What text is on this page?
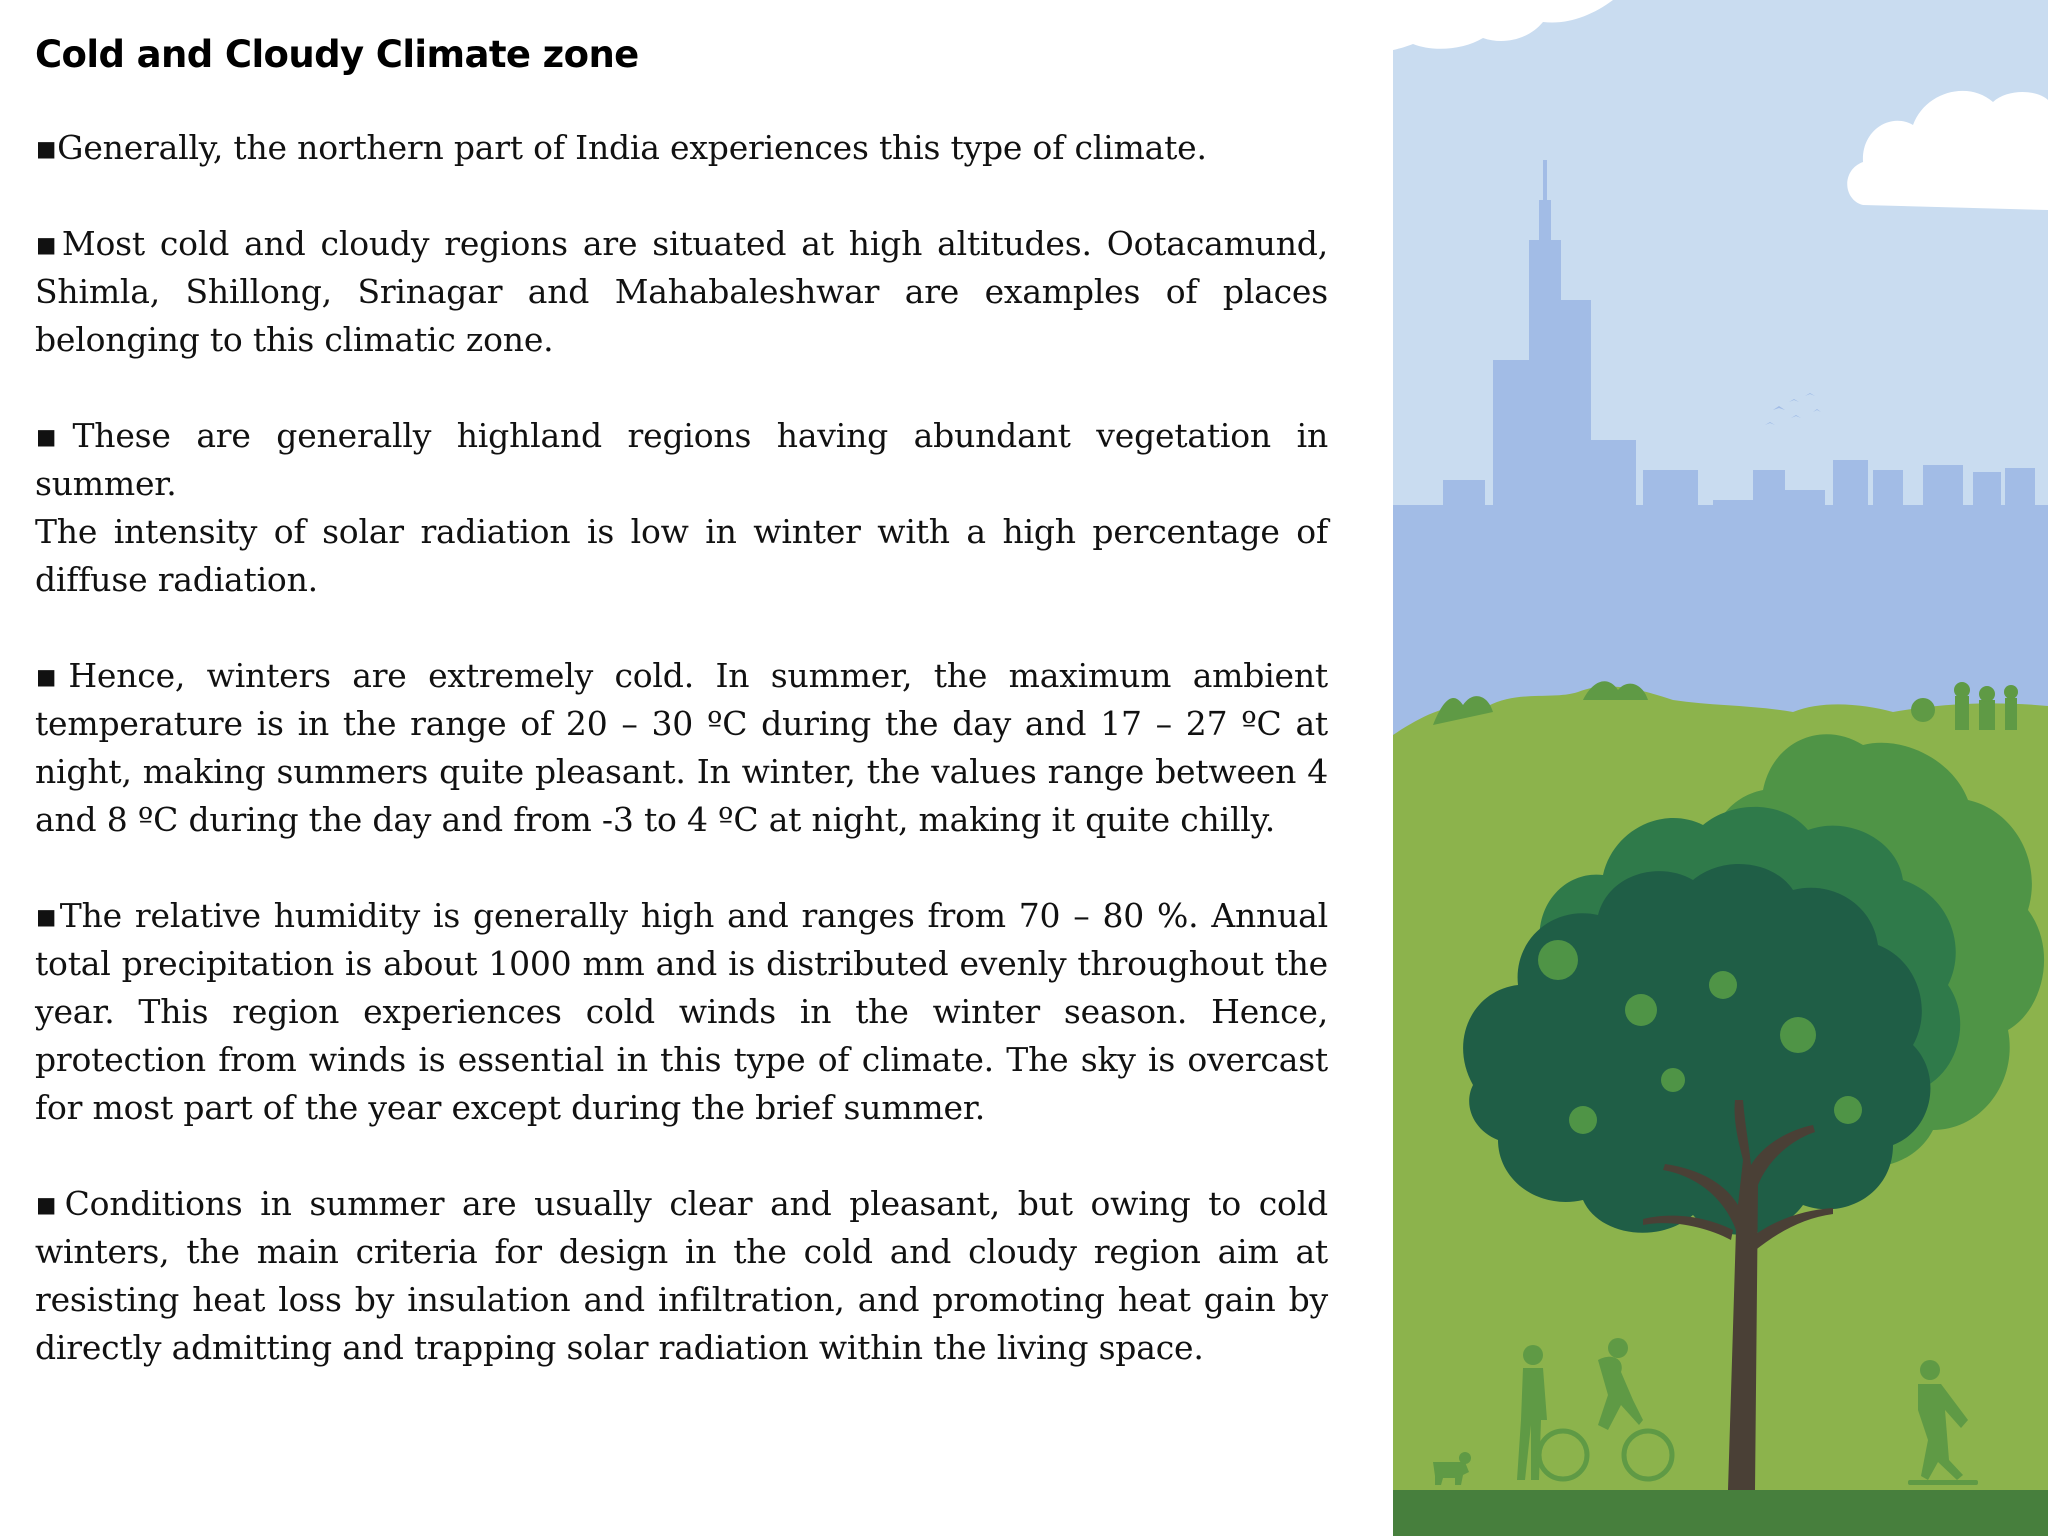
Cold and Cloudy Climate zone

▪Generally, the northern part of India experiences this type of climate.

▪Most cold and cloudy regions are situated at high altitudes. Ootacamund, Shimla, Shillong, Srinagar and Mahabaleshwar are examples of places belonging to this climatic zone.

▪These are generally highland regions having abundant vegetation in summer.
The intensity of solar radiation is low in winter with a high percentage of diffuse radiation.

▪Hence, winters are extremely cold. In summer, the maximum ambient temperature is in the range of 20 – 30 ºC during the day and 17 – 27 ºC at night, making summers quite pleasant. In winter, the values range between 4 and 8 ºC during the day and from -3 to 4 ºC at night, making it quite chilly.

▪The relative humidity is generally high and ranges from 70 – 80 %. Annual total precipitation is about 1000 mm and is distributed evenly throughout the year. This region experiences cold winds in the winter season. Hence, protection from winds is essential in this type of climate. The sky is overcast for most part of the year except during the brief summer.

▪Conditions in summer are usually clear and pleasant, but owing to cold winters, the main criteria for design in the cold and cloudy region aim at resisting heat loss by insulation and infiltration, and promoting heat gain by directly admitting and trapping solar radiation within the living space.
